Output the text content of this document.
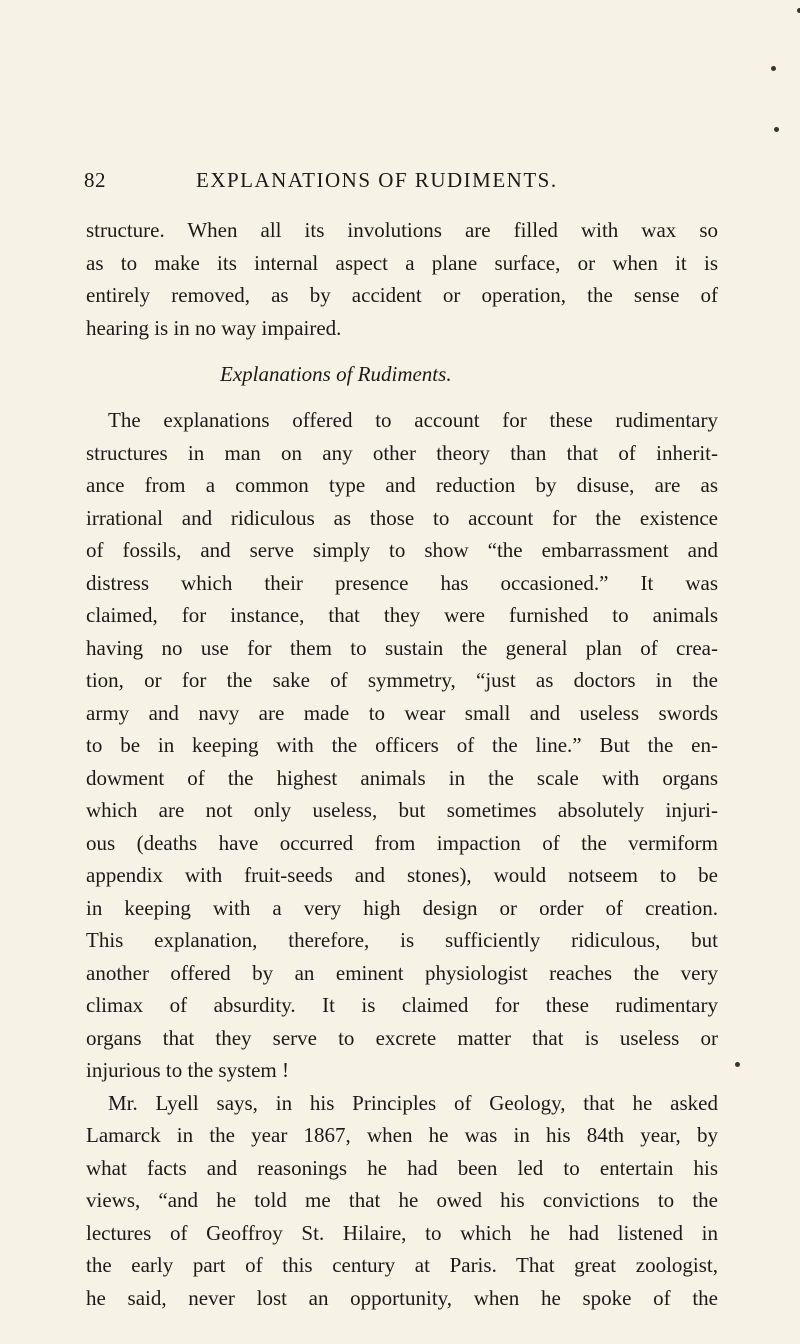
82	EXPLANATIONS OF RUDIMENTS.
structure. When all its involutions are filled with wax so
as to make its internal aspect a plane surface, or when it is
entirely removed, as by accident or operation, the sense of
hearing is in no way impaired.
Explanations of Rudiments.
The explanations offered to account for these rudimentary
structures in man on any other theory than that of inherit-
ance from a common type and reduction by disuse, are as
irrational and ridiculous as those to account for the existence
of fossils, and serve simply to show “the embarrassment and
distress which their presence has occasioned.” It was
claimed, for instance, that they were furnished to animals
having no use for them to sustain the general plan of crea-
tion, or for the sake of symmetry, “just as doctors in the
army and navy are made to wear small and useless swords
to be in keeping with the officers of the line.” But the en-
dowment of the highest animals in the scale with organs
which are not only useless, but sometimes absolutely injuri-
ous (deaths have occurred from impaction of the vermiform
appendix with fruit-seeds and stones), would notseem to be
in keeping with a very high design or order of creation.
This explanation, therefore, is sufficiently ridiculous, but
another offered by an eminent physiologist reaches the very
climax of absurdity. It is claimed for these rudimentary
organs that they serve to excrete matter that is useless or
injurious to the system !
Mr. Lyell says, in his Principles of Geology, that he asked
Lamarck in the year 1867, when he was in his 84th year, by
what facts and reasonings he had been led to entertain his
views, “and he told me that he owed his convictions to the
lectures of Geoffroy St. Hilaire, to which he had listened in
the early part of this century at Paris. That great zoologist,
he said, never lost an opportunity, when he spoke of the
